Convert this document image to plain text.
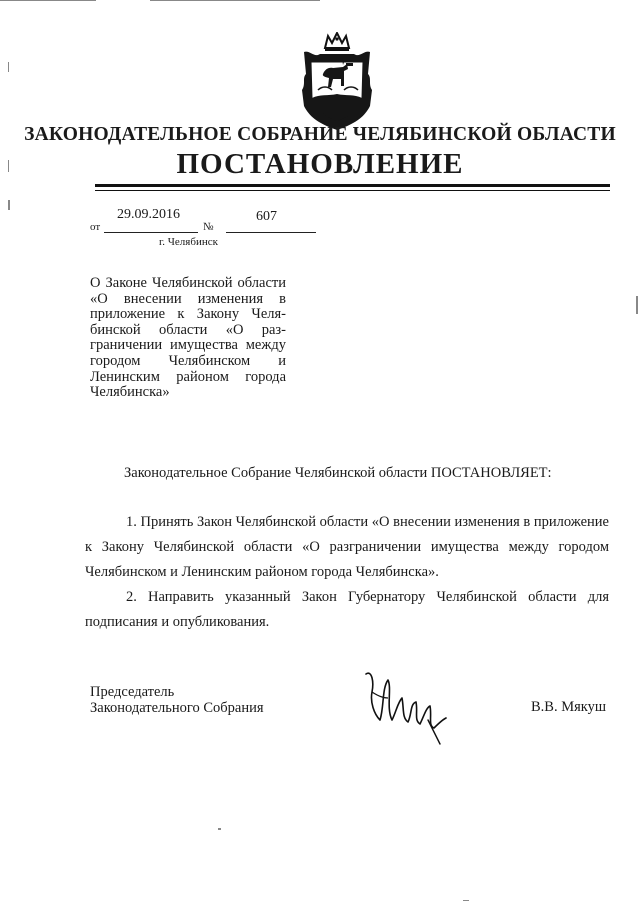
ЗАКОНОДАТЕЛЬНОЕ СОБРАНИЕ ЧЕЛЯБИНСКОЙ ОБЛАСТИ
ПОСТАНОВЛЕНИЕ
от
29.09.2016
№
607
г. Челябинск
О Законе Челябинской области
«О внесении изменения в
приложение к Закону Челя-
бинской области «О раз-
граничении имущества между
городом Челябинском и
Ленинским районом города
Челябинска»
Законодательное Собрание Челябинской области ПОСТАНОВЛЯЕТ:
1. Принять Закон Челябинской области «О внесении изменения в приложение
к Закону Челябинской области «О разграничении имущества между городом
Челябинском и Ленинским районом города Челябинска».
2. Направить указанный Закон Губернатору Челябинской области для
подписания и опубликования.
Председатель
Законодательного Собрания	В.В. Мякуш
